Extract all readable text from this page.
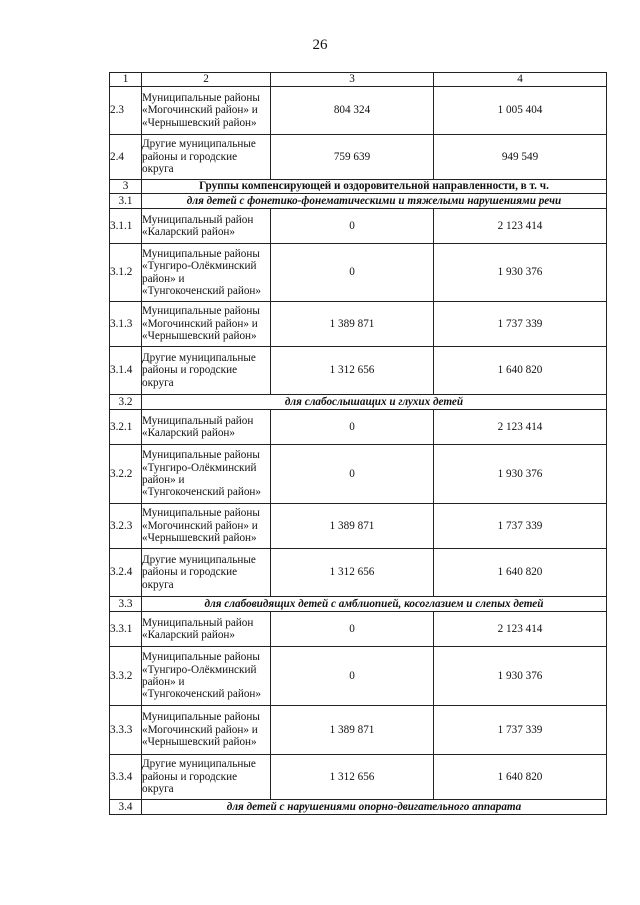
26
1	2	3	4
2.3	Муниципальные районы
«Могочинский район» и
«Чернышевский район»	804 324	1 005 404
2.4	Другие муниципальные
районы и городские
округа	759 639	949 549
3	Группы компенсирующей и оздоровительной направленности, в т. ч.		
3.1	для детей с фонетико-фонематическими и тяжелыми нарушениями речи		
3.1.1	Муниципальный район
«Каларский район»	0	2 123 414
3.1.2	Муниципальные районы
«Тунгиро-Олёкминский
район» и
«Тунгокоченский район»	0	1 930 376
3.1.3	Муниципальные районы
«Могочинский район» и
«Чернышевский район»	1 389 871	1 737 339
3.1.4	Другие муниципальные
районы и городские
округа	1 312 656	1 640 820
3.2	для слабослышащих и глухих детей		
3.2.1	Муниципальный район
«Каларский район»	0	2 123 414
3.2.2	Муниципальные районы
«Тунгиро-Олёкминский
район» и
«Тунгокоченский район»	0	1 930 376
3.2.3	Муниципальные районы
«Могочинский район» и
«Чернышевский район»	1 389 871	1 737 339
3.2.4	Другие муниципальные
районы и городские
округа	1 312 656	1 640 820
3.3	для слабовидящих детей с амблиопией, косоглазием и слепых детей		
3.3.1	Муниципальный район
«Каларский район»	0	2 123 414
3.3.2	Муниципальные районы
«Тунгиро-Олёкминский
район» и
«Тунгокоченский район»	0	1 930 376
3.3.3	Муниципальные районы
«Могочинский район» и
«Чернышевский район»	1 389 871	1 737 339
3.3.4	Другие муниципальные
районы и городские
округа	1 312 656	1 640 820
3.4	для детей с нарушениями опорно-двигательного аппарата		
